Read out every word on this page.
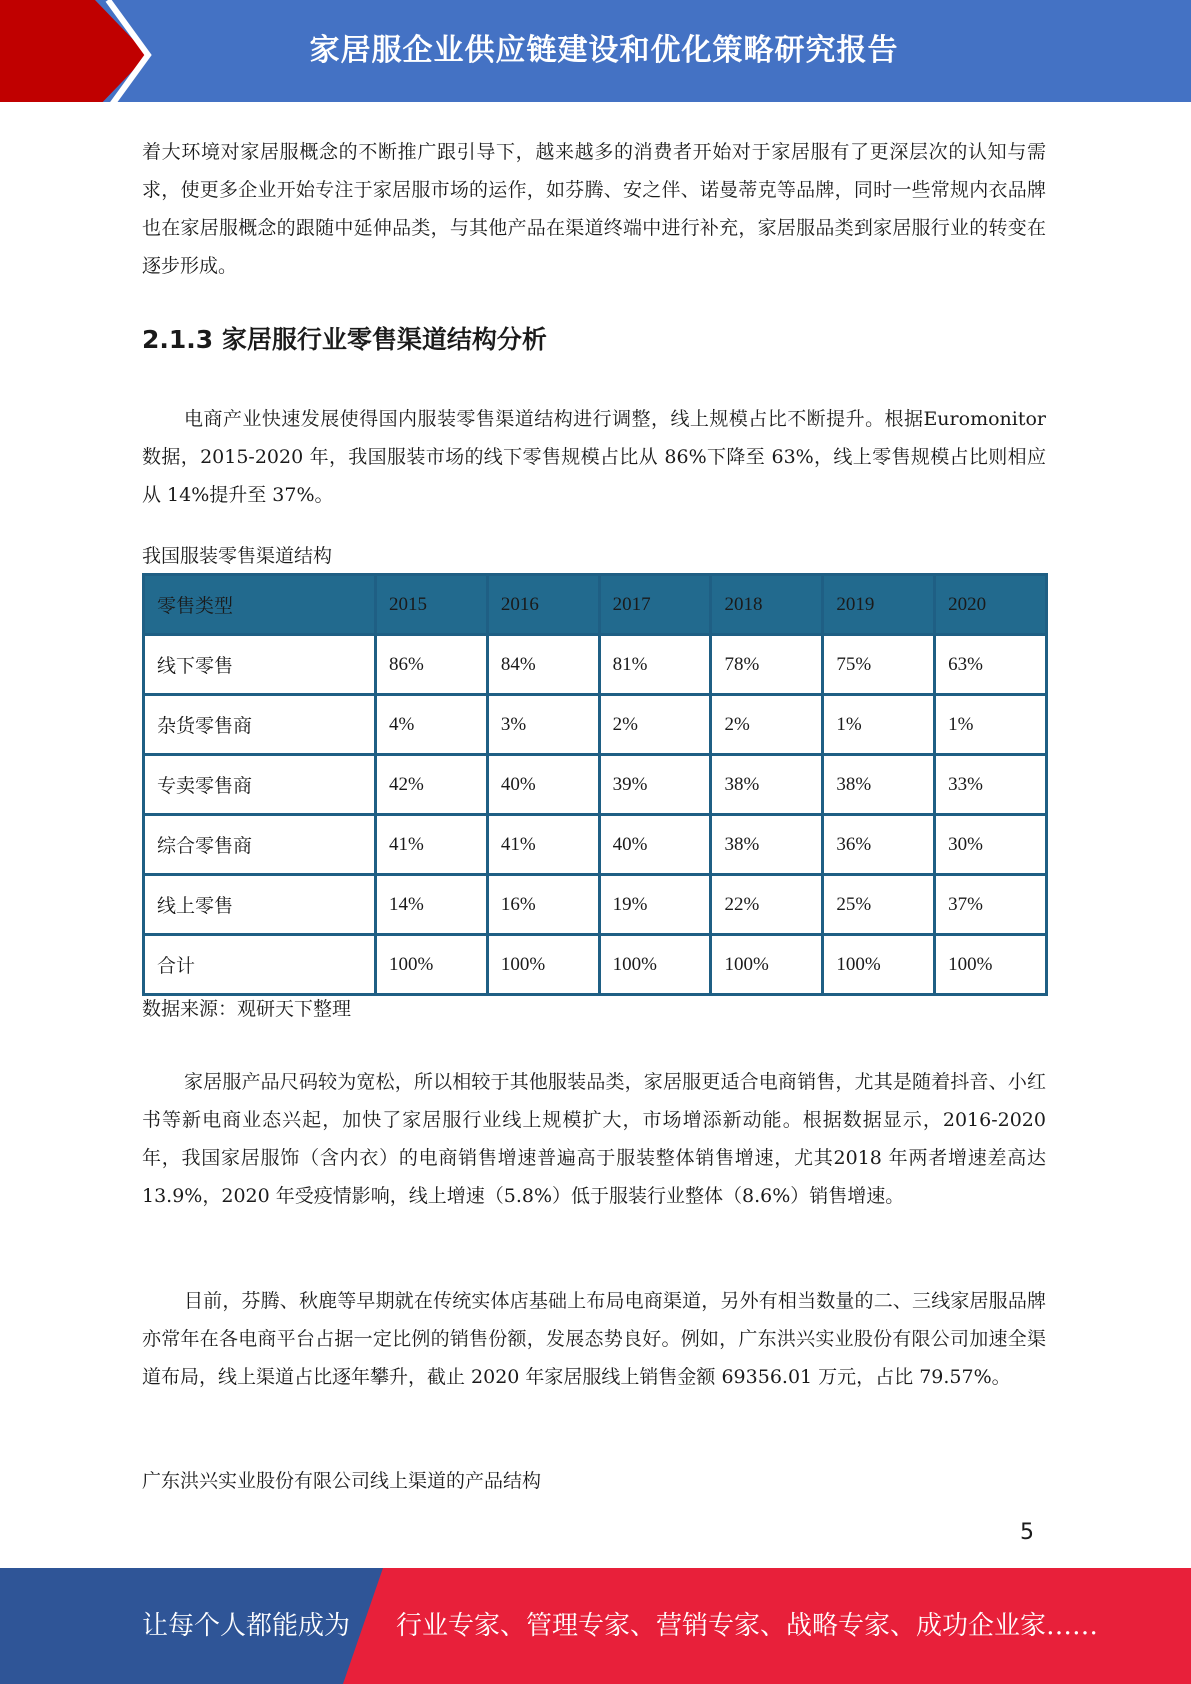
家居服企业供应链建设和优化策略研究报告

着大环境对家居服概念的不断推广跟引导下，越来越多的消费者开始对于家居服有了更深层次的认知与需求，使更多企业开始专注于家居服市场的运作，如芬腾、安之伴、诺曼蒂克等品牌，同时一些常规内衣品牌也在家居服概念的跟随中延伸品类，与其他产品在渠道终端中进行补充，家居服品类到家居服行业的转变在逐步形成。

2.1.3 家居服行业零售渠道结构分析

电商产业快速发展使得国内服装零售渠道结构进行调整，线上规模占比不断提升。根据Euromonitor 数据，2015-2020 年，我国服装市场的线下零售规模占比从 86%下降至 63%，线上零售规模占比则相应从 14%提升至 37%。

我国服装零售渠道结构

零售类型	2015	2016	2017	2018	2019	2020
线下零售	86%	84%	81%	78%	75%	63%
杂货零售商	4%	3%	2%	2%	1%	1%
专卖零售商	42%	40%	39%	38%	38%	33%
综合零售商	41%	41%	40%	38%	36%	30%
线上零售	14%	16%	19%	22%	25%	37%
合计	100%	100%	100%	100%	100%	100%

数据来源：观研天下整理

家居服产品尺码较为宽松，所以相较于其他服装品类，家居服更适合电商销售，尤其是随着抖音、小红书等新电商业态兴起，加快了家居服行业线上规模扩大，市场增添新动能。根据数据显示，2016-2020 年，我国家居服饰（含内衣）的电商销售增速普遍高于服装整体销售增速，尤其2018 年两者增速差高达 13.9%，2020 年受疫情影响，线上增速（5.8%）低于服装行业整体（8.6%）销售增速。

目前，芬腾、秋鹿等早期就在传统实体店基础上布局电商渠道，另外有相当数量的二、三线家居服品牌亦常年在各电商平台占据一定比例的销售份额，发展态势良好。例如，广东洪兴实业股份有限公司加速全渠道布局，线上渠道占比逐年攀升，截止 2020 年家居服线上销售金额 69356.01 万元，占比 79.57%。

广东洪兴实业股份有限公司线上渠道的产品结构

5
让每个人都能成为 行业专家、管理专家、营销专家、战略专家、成功企业家……
